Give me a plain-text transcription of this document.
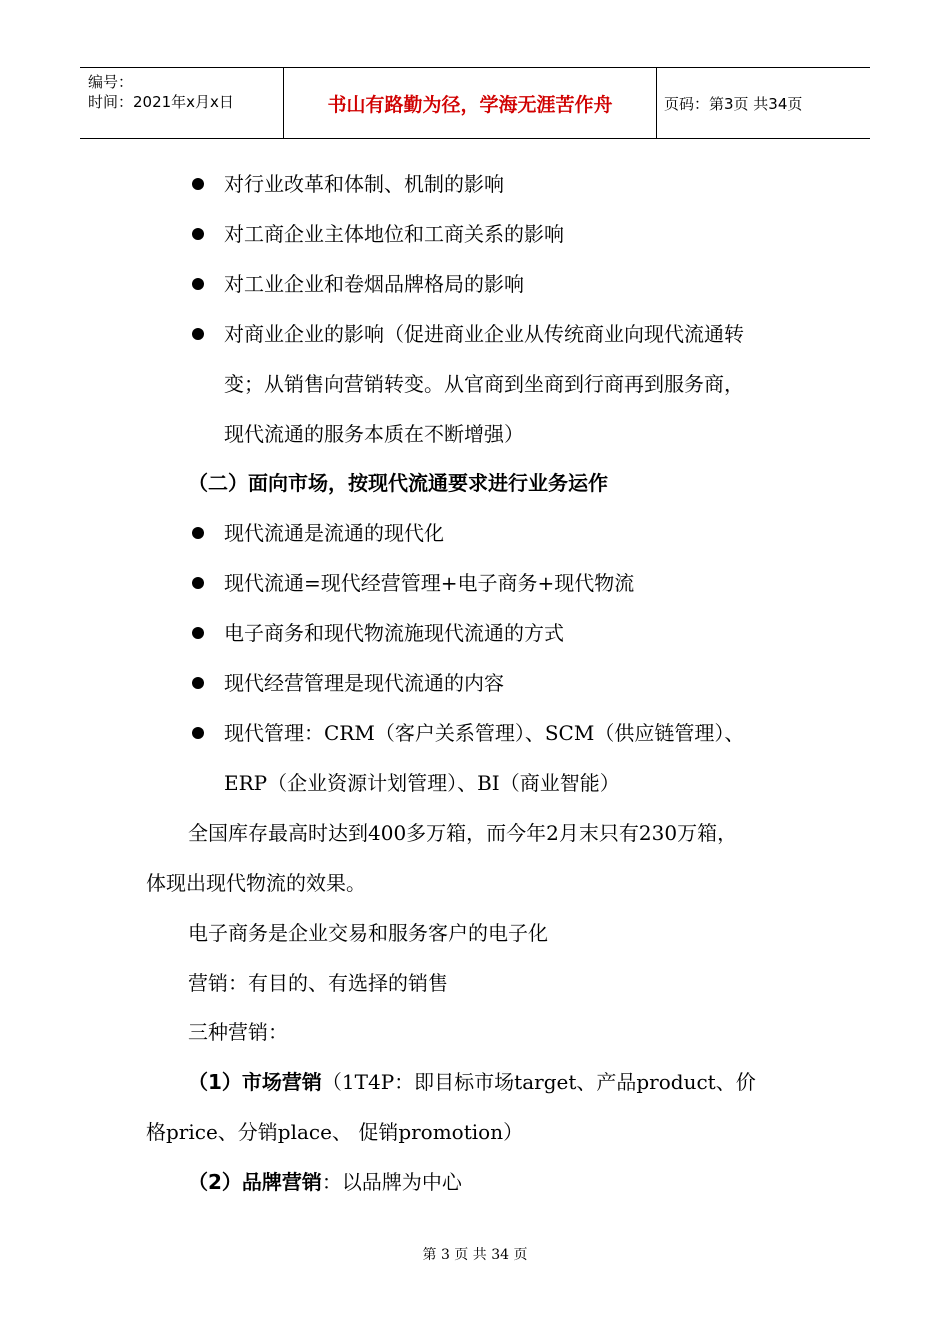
编号：
时间：2021年x月x日	书山有路勤为径，学海无涯苦作舟	页码：第3页 共34页
对行业改革和体制、机制的影响
对工商企业主体地位和工商关系的影响
对工业企业和卷烟品牌格局的影响
对商业企业的影响（促进商业企业从传统商业向现代流通转
变；从销售向营销转变。从官商到坐商到行商再到服务商，
现代流通的服务本质在不断增强）
（二）面向市场，按现代流通要求进行业务运作
现代流通是流通的现代化
现代流通=现代经营管理+电子商务+现代物流
电子商务和现代物流施现代流通的方式
现代经营管理是现代流通的内容
现代管理：CRM（客户关系管理）、SCM（供应链管理）、
ERP（企业资源计划管理）、BI（商业智能）
全国库存最高时达到400多万箱，而今年2月末只有230万箱，
体现出现代物流的效果。
电子商务是企业交易和服务客户的电子化
营销：有目的、有选择的销售
三种营销：
（1）市场营销（1T4P：即目标市场target、产品product、价
格price、分销place、 促销promotion）
（2）品牌营销：以品牌为中心
第 3 页 共 34 页
